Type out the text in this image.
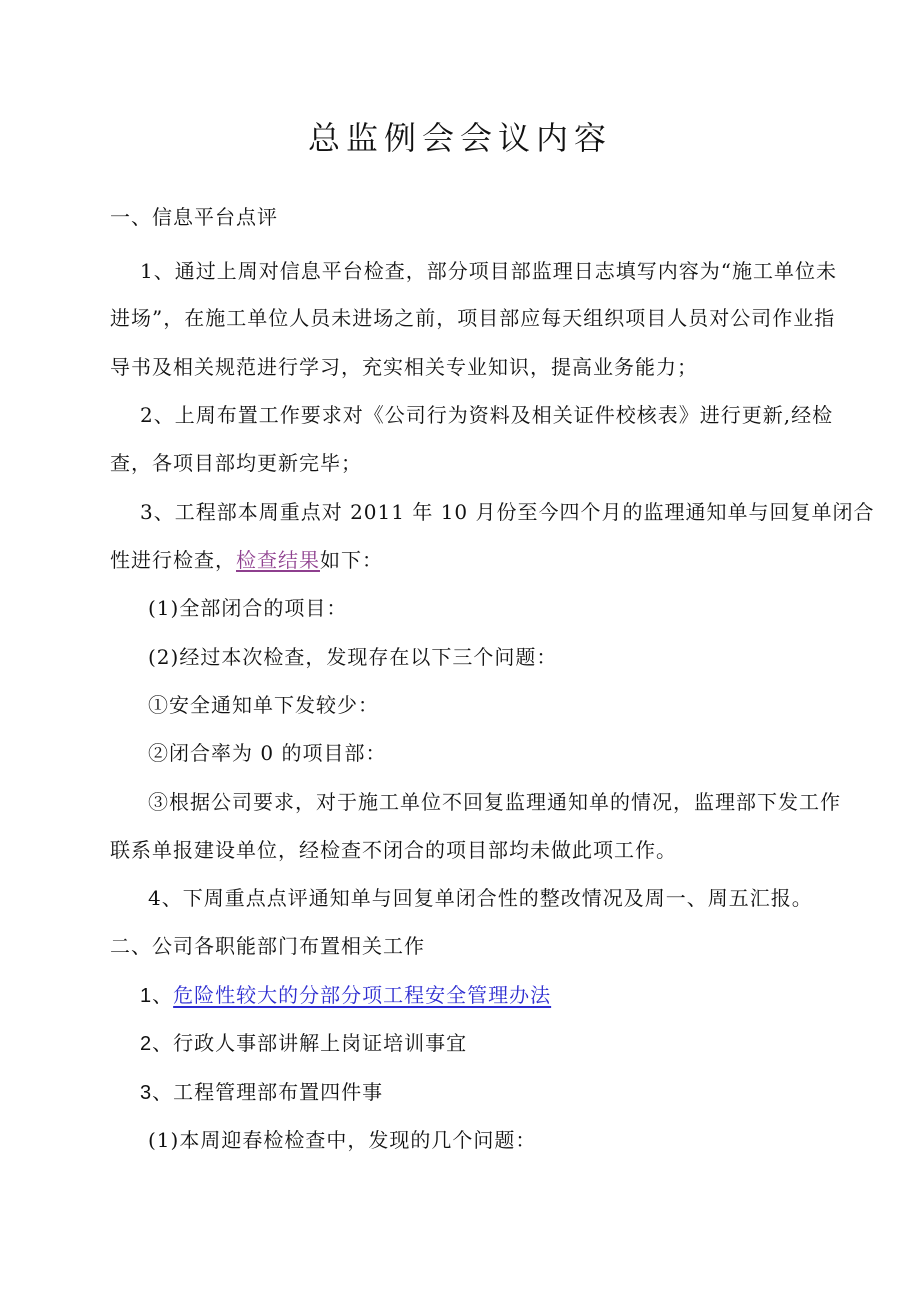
总监例会会议内容

一、信息平台点评

1、通过上周对信息平台检查，部分项目部监理日志填写内容为“施工单位未

进场”，在施工单位人员未进场之前，项目部应每天组织项目人员对公司作业指

导书及相关规范进行学习，充实相关专业知识，提高业务能力；

2、上周布置工作要求对《公司行为资料及相关证件校核表》进行更新,经检

查，各项目部均更新完毕；

3、工程部本周重点对 2011 年 10 月份至今四个月的监理通知单与回复单闭合

性进行检查，检查结果如下：

(1)全部闭合的项目：

(2)经过本次检查，发现存在以下三个问题：

①安全通知单下发较少：

②闭合率为 0 的项目部：

③根据公司要求，对于施工单位不回复监理通知单的情况，监理部下发工作

联系单报建设单位，经检查不闭合的项目部均未做此项工作。

4、下周重点点评通知单与回复单闭合性的整改情况及周一、周五汇报。

二、公司各职能部门布置相关工作

1、危险性较大的分部分项工程安全管理办法

2、行政人事部讲解上岗证培训事宜

3、工程管理部布置四件事

(1)本周迎春检检查中，发现的几个问题：
